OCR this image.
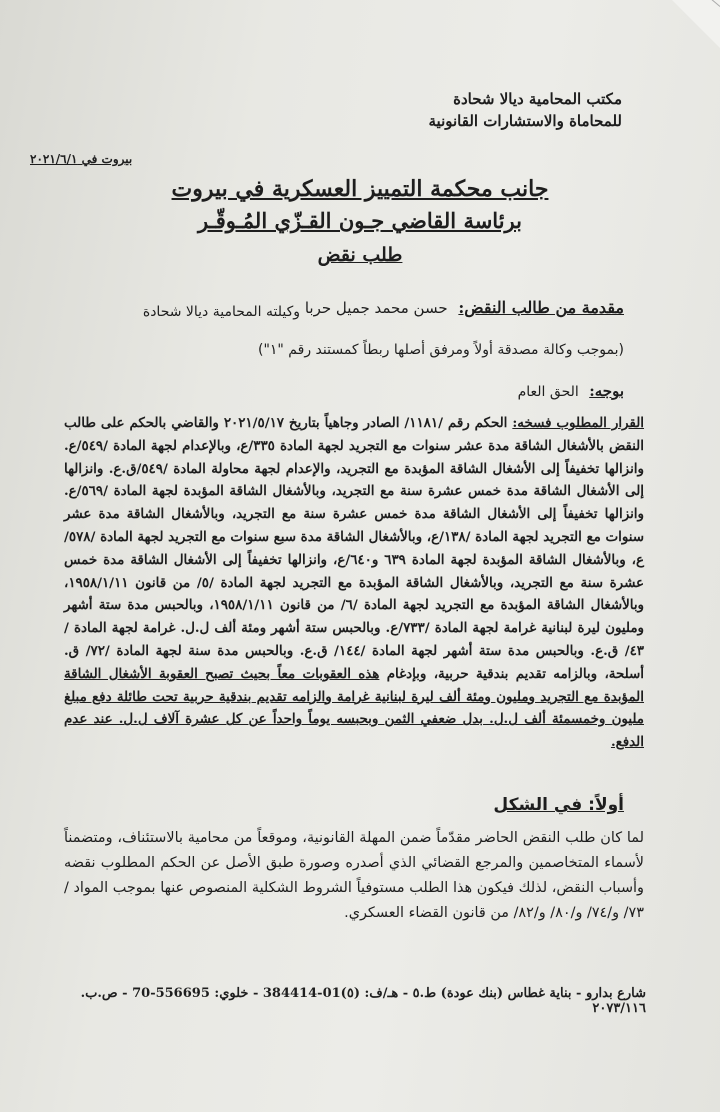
مكتب المحامية ديالا شحادة
للمحاماة والاستشارات القانونية
بيروت في ٢٠٢١/٦/١
جانب محكمة التمييز العسكرية في بيروت
برئاسة القاضي جـون القـزّي المُـوقّـر
طلب نقض
مقدمة من طالب النقض: حسن محمد جميل حربا
وكيلته المحامية ديالا شحادة
(بموجب وكالة مصدقة أولاً ومرفق أصلها ربطاً كمستند رقم "١")
بوجه: الحق العام
القرار المطلوب فسخه: الحكم رقم /١١٨١/ الصادر وجاهياً بتاريخ ٢٠٢١/٥/١٧ والقاضي بالحكم على طالب النقض بالأشغال الشاقة مدة عشر سنوات مع التجريد لجهة المادة ٣٣٥/ع، وبالإعدام لجهة المادة /٥٤٩/ع. وانزالها تخفيفاً إلى الأشغال الشاقة المؤبدة مع التجريد، والإعدام لجهة محاولة المادة /٥٤٩/ق.ع. وانزالها إلى الأشغال الشاقة مدة خمس عشرة سنة مع التجريد، وبالأشغال الشاقة المؤبدة لجهة المادة /٥٦٩/ع. وانزالها تخفيفاً إلى الأشغال الشاقة مدة خمس عشرة سنة مع التجريد، وبالأشغال الشاقة مدة عشر سنوات مع التجريد لجهة المادة /١٣٨/ع، وبالأشغال الشاقة مدة سبع سنوات مع التجريد لجهة المادة /٥٧٨/ع، وبالأشغال الشاقة المؤبدة لجهة المادة ٦٣٩ و٦٤٠/ع، وانزالها تخفيفاً إلى الأشغال الشاقة مدة خمس عشرة سنة مع التجريد، وبالأشغال الشاقة المؤبدة مع التجريد لجهة المادة /٥/ من قانون ١٩٥٨/١/١١، وبالأشغال الشاقة المؤبدة مع التجريد لجهة المادة /٦/ من قانون ١٩٥٨/١/١١، وبالحبس مدة ستة أشهر ومليون ليرة لبنانية غرامة لجهة المادة /٧٣٣/ع. وبالحبس ستة أشهر ومئة ألف ل.ل. غرامة لجهة المادة /٤٣/ ق.ع. وبالحبس مدة ستة أشهر لجهة المادة /١٤٤/ ق.ع. وبالحبس مدة سنة لجهة المادة /٧٢/ ق. أسلحة، وبالزامه تقديم بندقية حربية، وبإدغام هذه العقوبات معاً بحيث تصبح العقوبة الأشغال الشاقة المؤبدة مع التجريد ومليون ومئة ألف ليرة لبنانية غرامة والزامه تقديم بندقية حربية تحت طائلة دفع مبلغ مليون وخمسمئة ألف ل.ل. بدل ضعفي الثمن وبحبسه يوماً واحداً عن كل عشرة آلاف ل.ل. عند عدم الدفع.
أولاً: في الشكل
لما كان طلب النقض الحاضر مقدّماً ضمن المهلة القانونية، وموقعاً من محامية بالاستئناف، ومتضمناً لأسماء المتخاصمين والمرجع القضائي الذي أصدره وصورة طبق الأصل عن الحكم المطلوب نقضه وأسباب النقض، لذلك فيكون هذا الطلب مستوفياً الشروط الشكلية المنصوص عنها بموجب المواد /٧٣/ و/٧٤/ و/٨٠/ و/٨٢/ من قانون القضاء العسكري.
شارع بدارو - بناية غطاس (بنك عودة) ط.٥ - هـ/ف: (٥)01-384414 - خلوي: 556695-70 - ص.ب. ٢٠٧٣/١١٦
